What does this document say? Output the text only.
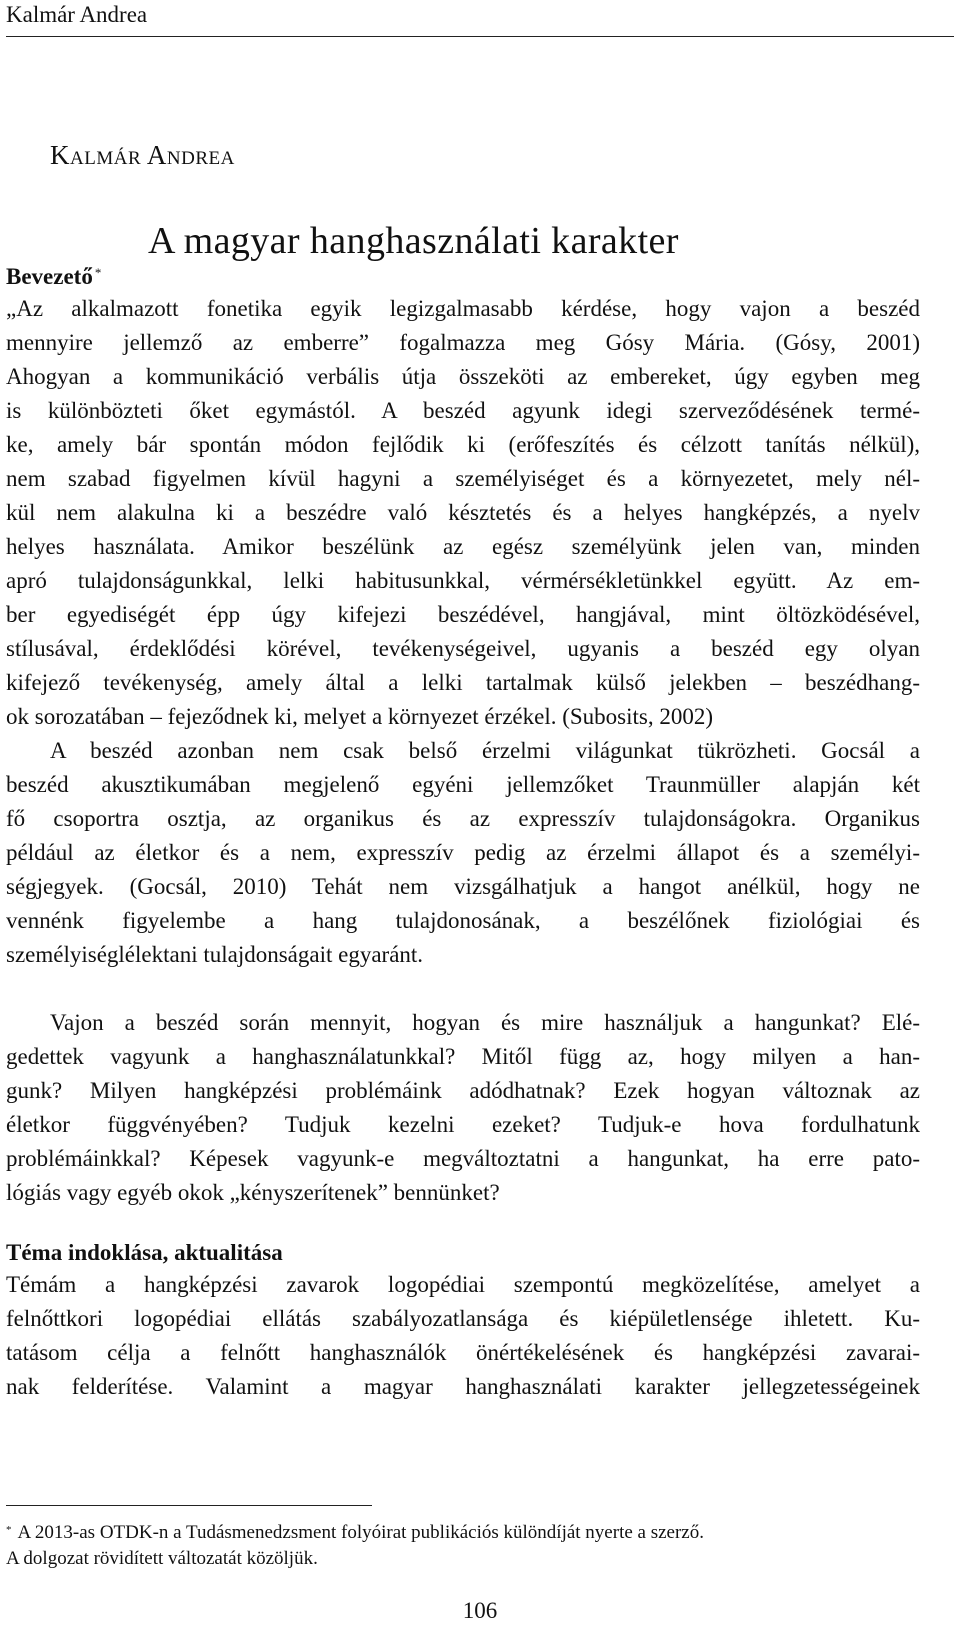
Kalmár Andrea
Kalmár Andrea
A magyar hanghasználati karakter
Bevezető *
„Az alkalmazott fonetika egyik legizgalmasabb kérdése, hogy vajon a beszéd
mennyire jellemző az emberre” fogalmazza meg Gósy Mária. (Gósy, 2001)
Ahogyan a kommunikáció verbális útja összeköti az embereket, úgy egyben meg
is különbözteti őket egymástól. A beszéd agyunk idegi szerveződésének termé-
ke, amely bár spontán módon fejlődik ki (erőfeszítés és célzott tanítás nélkül),
nem szabad figyelmen kívül hagyni a személyiséget és a környezetet, mely nél-
kül nem alakulna ki a beszédre való késztetés és a helyes hangképzés, a nyelv
helyes használata. Amikor beszélünk az egész személyünk jelen van, minden
apró tulajdonságunkkal, lelki habitusunkkal, vérmérsékletünkkel együtt. Az em-
ber egyediségét épp úgy kifejezi beszédével, hangjával, mint öltözködésével,
stílusával, érdeklődési körével, tevékenységeivel, ugyanis a beszéd egy olyan
kifejező tevékenység, amely által a lelki tartalmak külső jelekben – beszédhang-
ok sorozatában – fejeződnek ki, melyet a környezet érzékel. (Subosits, 2002)
A beszéd azonban nem csak belső érzelmi világunkat tükrözheti. Gocsál a
beszéd akusztikumában megjelenő egyéni jellemzőket Traunmüller alapján két
fő csoportra osztja, az organikus és az expresszív tulajdonságokra. Organikus
például az életkor és a nem, expresszív pedig az érzelmi állapot és a személyi-
ségjegyek. (Gocsál, 2010) Tehát nem vizsgálhatjuk a hangot anélkül, hogy ne
vennénk figyelembe a hang tulajdonosának, a beszélőnek fiziológiai és
személyiséglélektani tulajdonságait egyaránt.
Vajon a beszéd során mennyit, hogyan és mire használjuk a hangunkat? Elé-
gedettek vagyunk a hanghasználatunkkal? Mitől függ az, hogy milyen a han-
gunk? Milyen hangképzési problémáink adódhatnak? Ezek hogyan változnak az
életkor függvényében? Tudjuk kezelni ezeket? Tudjuk-e hova fordulhatunk
problémáinkkal? Képesek vagyunk-e megváltoztatni a hangunkat, ha erre pato-
lógiás vagy egyéb okok „kényszerítenek” bennünket?
Téma indoklása, aktualitása
Témám a hangképzési zavarok logopédiai szempontú megközelítése, amelyet a
felnőttkori logopédiai ellátás szabályozatlansága és kiépületlensége ihletett. Ku-
tatásom célja a felnőtt hanghasználók önértékelésének és hangképzési zavarai-
nak felderítése. Valamint a magyar hanghasználati karakter jellegzetességeinek
* A 2013-as OTDK-n a Tudásmenedzsment folyóirat publikációs különdíját nyerte a szerző.
A dolgozat rövidített változatát közöljük.
106
